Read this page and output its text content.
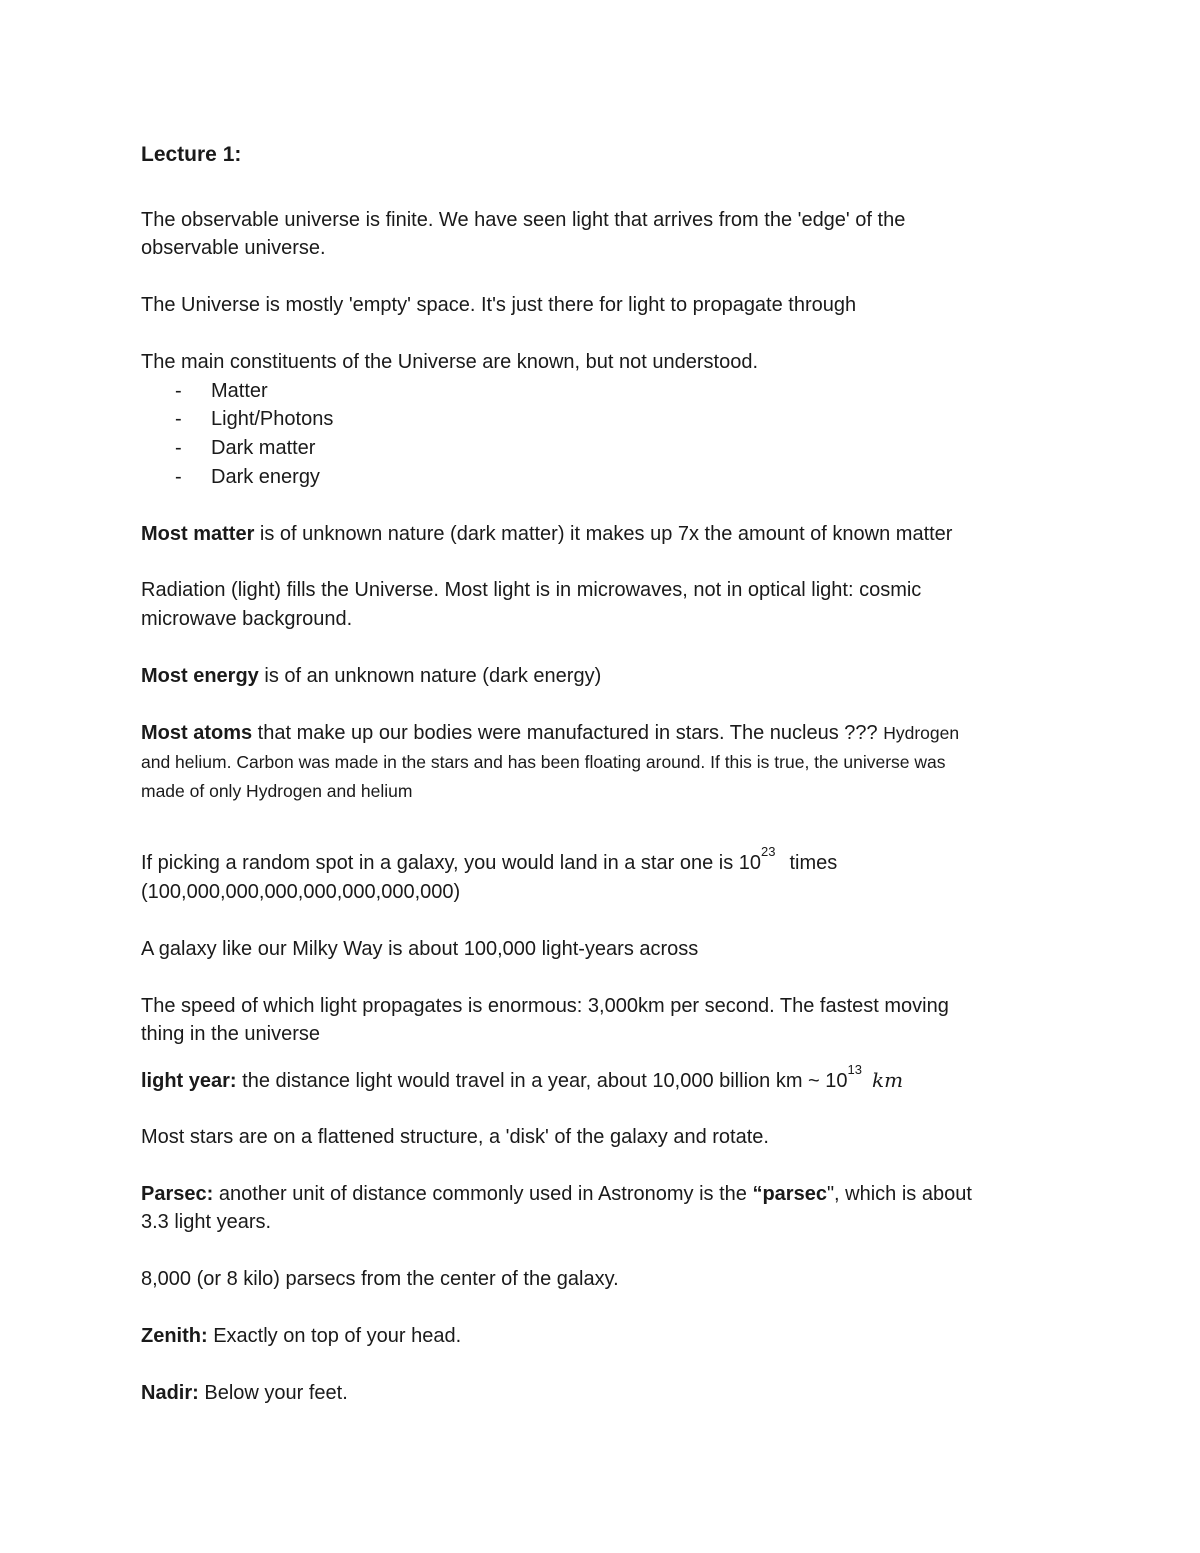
Lecture 1:
The observable universe is finite. We have seen light that arrives from the 'edge' of the
observable universe.
The Universe is mostly 'empty' space. It's just there for light to propagate through
The main constituents of the Universe are known, but not understood.
- Matter
- Light/Photons
- Dark matter
- Dark energy
Most matter is of unknown nature (dark matter) it makes up 7x the amount of known matter
Radiation (light) fills the Universe. Most light is in microwaves, not in optical light: cosmic
microwave background.
Most energy is of an unknown nature (dark energy)
Most atoms that make up our bodies were manufactured in stars. The nucleus ??? Hydrogen
and helium. Carbon was made in the stars and has been floating around. If this is true, the universe was
made of only Hydrogen and helium
If picking a random spot in a galaxy, you would land in a star one is $10^{23}times$
(100,000,000,000,000,000,000,000)
A galaxy like our Milky Way is about 100,000 light-years across
The speed of which light propagates is enormous: 3,000km per second. The fastest moving
thing in the universe
light year: the distance light would travel in a year, about 10,000 billion km ~ $10^{13}$ km
Most stars are on a flattened structure, a 'disk' of the galaxy and rotate.
Parsec: another unit of distance commonly used in Astronomy is the “parsec", which is about
3.3 light years.
8,000 (or 8 kilo) parsecs from the center of the galaxy.
Zenith: Exactly on top of your head.
Nadir: Below your feet.
